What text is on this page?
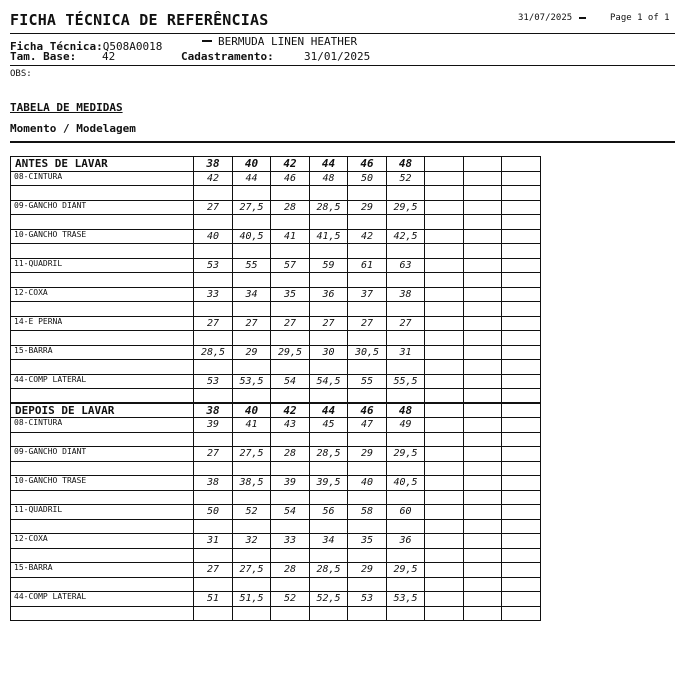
FICHA TÉCNICA DE REFERÊNCIAS	31/07/2025	Page 1 of 1
Ficha Técnica:Q508A0018	BERMUDA LINEN HEATHER
Tam. Base: 42	Cadastramento:	31/01/2025
OBS:
TABELA DE MEDIDAS
Momento / Modelagem
ANTES DE LAVAR	38	40	42	44	46	48			
08-CINTURA	42	44	46	48	50	52			

09-GANCHO DIANT	27	27,5	28	28,5	29	29,5			

10-GANCHO TRASE	40	40,5	41	41,5	42	42,5			

11-QUADRIL	53	55	57	59	61	63			

12-COXA	33	34	35	36	37	38			

14-E PERNA	27	27	27	27	27	27			

15-BARRA	28,5	29	29,5	30	30,5	31			

44-COMP LATERAL	53	53,5	54	54,5	55	55,5			

DEPOIS DE LAVAR	38	40	42	44	46	48			
08-CINTURA	39	41	43	45	47	49			

09-GANCHO DIANT	27	27,5	28	28,5	29	29,5			

10-GANCHO TRASE	38	38,5	39	39,5	40	40,5			

11-QUADRIL	50	52	54	56	58	60			

12-COXA	31	32	33	34	35	36			

15-BARRA	27	27,5	28	28,5	29	29,5			

44-COMP LATERAL	51	51,5	52	52,5	53	53,5			
